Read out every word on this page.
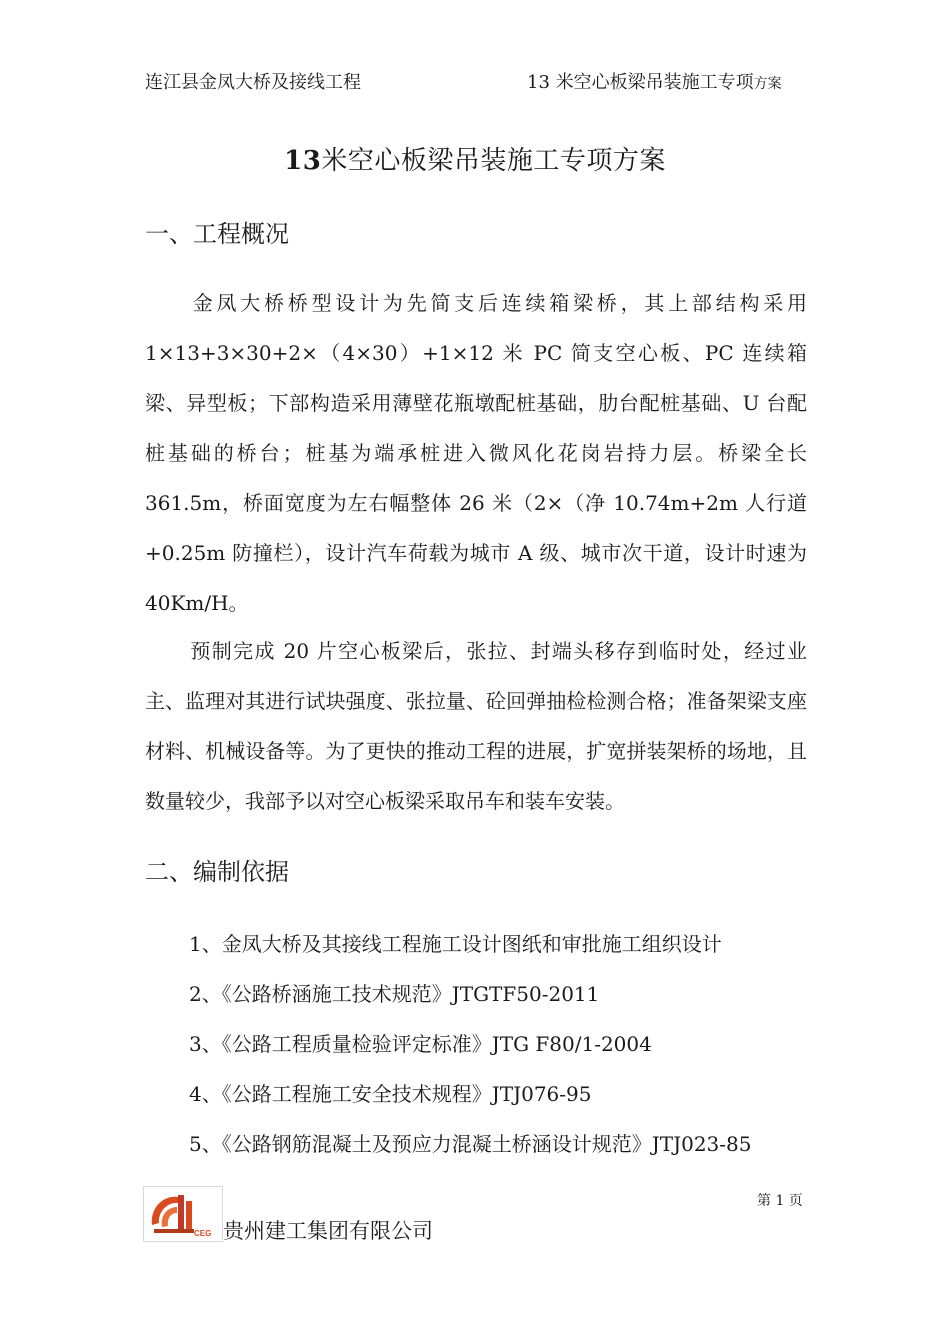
连江县金凤大桥及接线工程	13 米空心板梁吊装施工专项方案
13米空心板梁吊装施工专项方案
一、工程概况

金凤大桥桥型设计为先简支后连续箱梁桥，其上部结构采用1×13+3×30+2×（4×30）+1×12 米 PC 简支空心板、PC 连续箱梁、异型板；下部构造采用薄壁花瓶墩配桩基础，肋台配桩基础、U 台配桩基础的桥台；桩基为端承桩进入微风化花岗岩持力层。桥梁全长 361.5m，桥面宽度为左右幅整体 26 米（2×（净 10.74m+2m 人行道+0.25m 防撞栏），设计汽车荷载为城市 A 级、城市次干道，设计时速为 40Km/H。

预制完成 20 片空心板梁后，张拉、封端头移存到临时处，经过业主、监理对其进行试块强度、张拉量、砼回弹抽检检测合格；准备架梁支座材料、机械设备等。为了更快的推动工程的进展，扩宽拼装架桥的场地，且数量较少，我部予以对空心板梁采取吊车和装车安装。

二、编制依据
1、金凤大桥及其接线工程施工设计图纸和审批施工组织设计
2、《公路桥涵施工技术规范》JTGTF50-2011
3、《公路工程质量检验评定标准》JTG F80/1-2004
4、《公路工程施工安全技术规程》JTJ076-95
5、《公路钢筋混凝土及预应力混凝土桥涵设计规范》JTJ023-85
第 1 页
CEG 贵州建工集团有限公司
